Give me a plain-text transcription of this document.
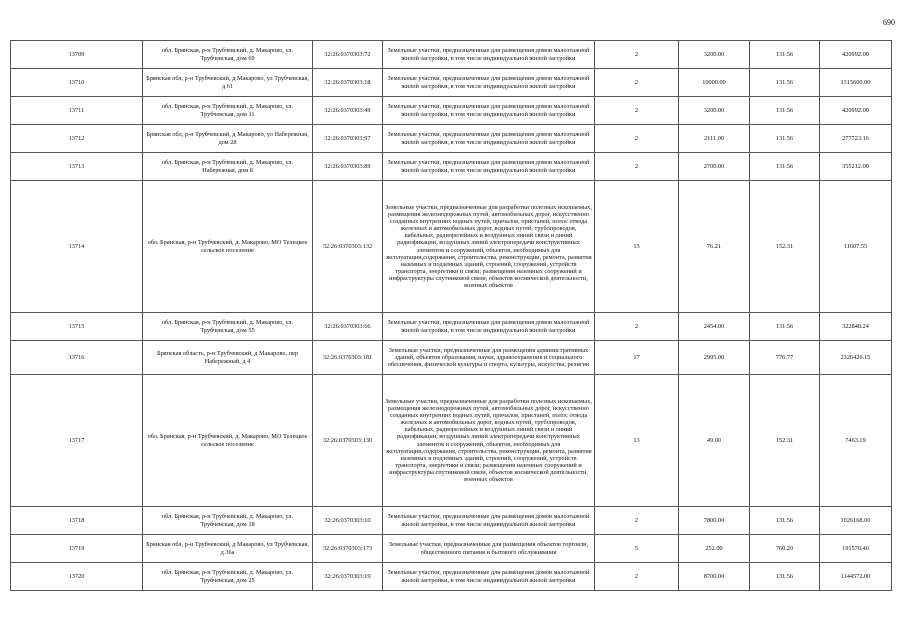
690
13709	обл. Брянская, р-н Трубчевский, д. Макарово, ул. Трубчевская, дом 69	32:26:0370303:72	Земельные участки, предназначенные для размещения домов малоэтажной жилой застройки, в том числе индивидуальной жилой застройки	2	3200.00	131.56	420992.00
13710	Брянская обл, р-н Трубчевский, д Макарово, ул Трубчевская, д 61	32:26:0370303:18	Земельные участки, предназначенные для размещения домов малоэтажной жилой застройки, в том числе индивидуальной жилой застройки	2	10000.00	131.56	1315600.00
13711	обл. Брянская, р-н Трубчевский, д. Макарово, ул. Трубчевская, дом 11	32:26:0370303:49	Земельные участки, предназначенные для размещения домов малоэтажной жилой застройки, в том числе индивидуальной жилой застройки	2	3200.00	131.56	420992.00
13712	Брянская обл, р-н Трубчевский, д Макарово, ул Набережная, дом 28	32:26:0370303:97	Земельные участки, предназначенные для размещения домов малоэтажной жилой застройки, в том числе индивидуальной жилой застройки	2	2111.00	131.56	277723.16
13713	обл. Брянская, р-н Трубчевский, д. Макарово, ул. Набережная, дом 8	32:26:0370303:89	Земельные участки, предназначенные для размещения домов малоэтажной жилой застройки, в том числе индивидуальной жилой застройки	2	2700.00	131.56	355212.00
13714	обл. Брянская, р-н Трубчевский, д. Макарово, МО Телецкое сельское поселение	32:26:0370303:132	Земельные участки, предназначенные для разработки полезных ископаемых, размещения железнодорожных путей, автомобильных дорог, искусственно созданных внутренних водных путей, причалов, пристаней, полос отвода железных и автомобильных дорог, водных путей, трубопроводов, кабельных, радиорелейных и воздушных линий связи и линий радиофикации, воздушных линий электропередачи конструктивных элементов и сооружений, объектов, необходимых для эксплуатации,содержания, строительства, реконструкции, ремонта, развития наземных и подземных зданий, строений, сооружений, устройств транспорта, энергетики и связи; размещения наземных сооружений и инфраструктуры спутниковой связи, объектов космической деятельности, военных объектов	13	76.21	152.31	11607.55
13715	обл. Брянская, р-н Трубчевский, д. Макарово, ул. Трубчевская, дом 55	32:26:0370303:66	Земельные участки, предназначенные для размещения домов малоэтажной жилой застройки, в том числе индивидуальной жилой застройки	2	2454.00	131.56	322848.24
13716	Брянская область, р-н Трубчевский, д Макарово, пер Набережный, д 4	32:26:0370303:181	Земельные участки, предназначенные для размещения административных зданий, объектов образования, науки, здравоохранения и социального обеспечения, физической культуры и спорта, культуры, искусства, религии	17	2995.00	776.77	2326426.15
13717	обл. Брянская, р-н Трубчевский, д. Макарово, МО Телецкое сельское поселение	32:26:0370303:130	Земельные участки, предназначенные для разработки полезных ископаемых, размещения железнодорожных путей, автомобильных дорог, искусственно созданных внутренних водных путей, причалов, пристаней, полос отвода железных и автомобильных дорог, водных путей, трубопроводов, кабельных, радиорелейных и воздушных линий связи и линий радиофикации, воздушных линий электропередачи конструктивных элементов и сооружений, объектов, необходимых для эксплуатации,содержания, строительства, реконструкции, ремонта, развития наземных и подземных зданий, строений, сооружений, устройств транспорта, энергетики и связи; размещения наземных сооружений и инфраструктуры спутниковой связи, объектов космической деятельности, военных объектов	13	49.00	152.31	7463.19
13718	обл. Брянская, р-н Трубчевский, д. Макарово, ул. Трубчевская, дом 18	32:26:0370303:10	Земельные участки, предназначенные для размещения домов малоэтажной жилой застройки, в том числе индивидуальной жилой застройки	2	7800.00	131.56	1026168.00
13719	Брянская обл, р-н Трубчевский, д Макарово, ул Трубчевская, д 36а	32:26:0370303:173	Земельные участки, предназначенные для размещения объектов торговли, общественного питания и бытового обслуживания	5	252.00	760.20	191570.40
13720	обл. Брянская, р-н Трубчевский, д. Макарово, ул. Трубчевская, дом 25	32:26:0370303:19	Земельные участки, предназначенные для размещения домов малоэтажной жилой застройки, в том числе индивидуальной жилой застройки	2	8700.00	131.56	1144572.00
